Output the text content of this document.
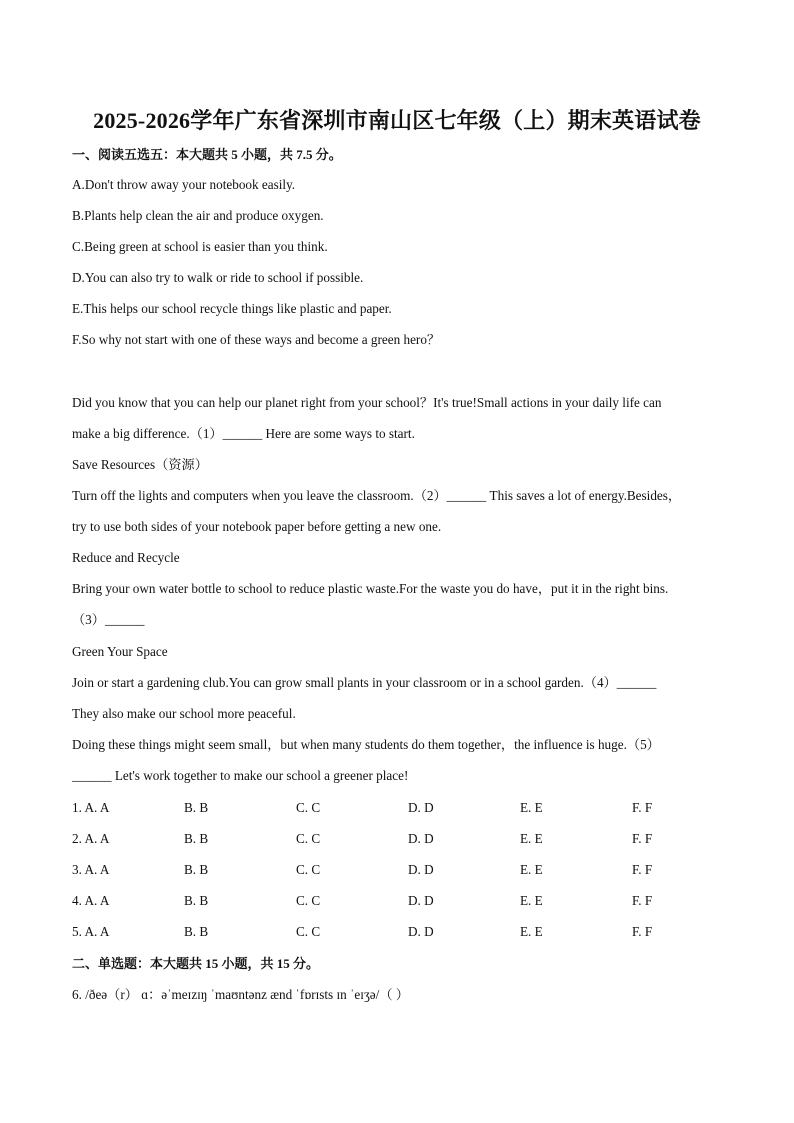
2025-2026学年广东省深圳市南山区七年级（上）期末英语试卷
一、阅读五选五：本大题共 5 小题，共 7.5 分。
A.Don't throw away your notebook easily.
B.Plants help clean the air and produce oxygen.
C.Being green at school is easier than you think.
D.You can also try to walk or ride to school if possible.
E.This helps our school recycle things like plastic and paper.
F.So why not start with one of these ways and become a green hero？
Did you know that you can help our planet right from your school？It's true!Small actions in your daily life can
make a big difference.（1）______ Here are some ways to start.
Save Resources（资源）
Turn off the lights and computers when you leave the classroom.（2）______ This saves a lot of energy.Besides，
try to use both sides of your notebook paper before getting a new one.
Reduce and Recycle
Bring your own water bottle to school to reduce plastic waste.For the waste you do have，put it in the right bins.
（3）______
Green Your Space
Join or start a gardening club.You can grow small plants in your classroom or in a school garden.（4）______
They also make our school more peaceful.
Doing these things might seem small，but when many students do them together，the influence is huge.（5）
______ Let's work together to make our school a greener place!
1. A. A	B. B	C. C	D. D	E. E	F. F
2. A. A	B. B	C. C	D. D	E. E	F. F
3. A. A	B. B	C. C	D. D	E. E	F. F
4. A. A	B. B	C. C	D. D	E. E	F. F
5. A. A	B. B	C. C	D. D	E. E	F. F
二、单选题：本大题共 15 小题，共 15 分。
6. /ðeə（r） ɑ：əˈmeɪzɪŋ ˈmaʊntənz ænd ˈfɒrɪsts ɪn ˈeɪʒə/（ ）
